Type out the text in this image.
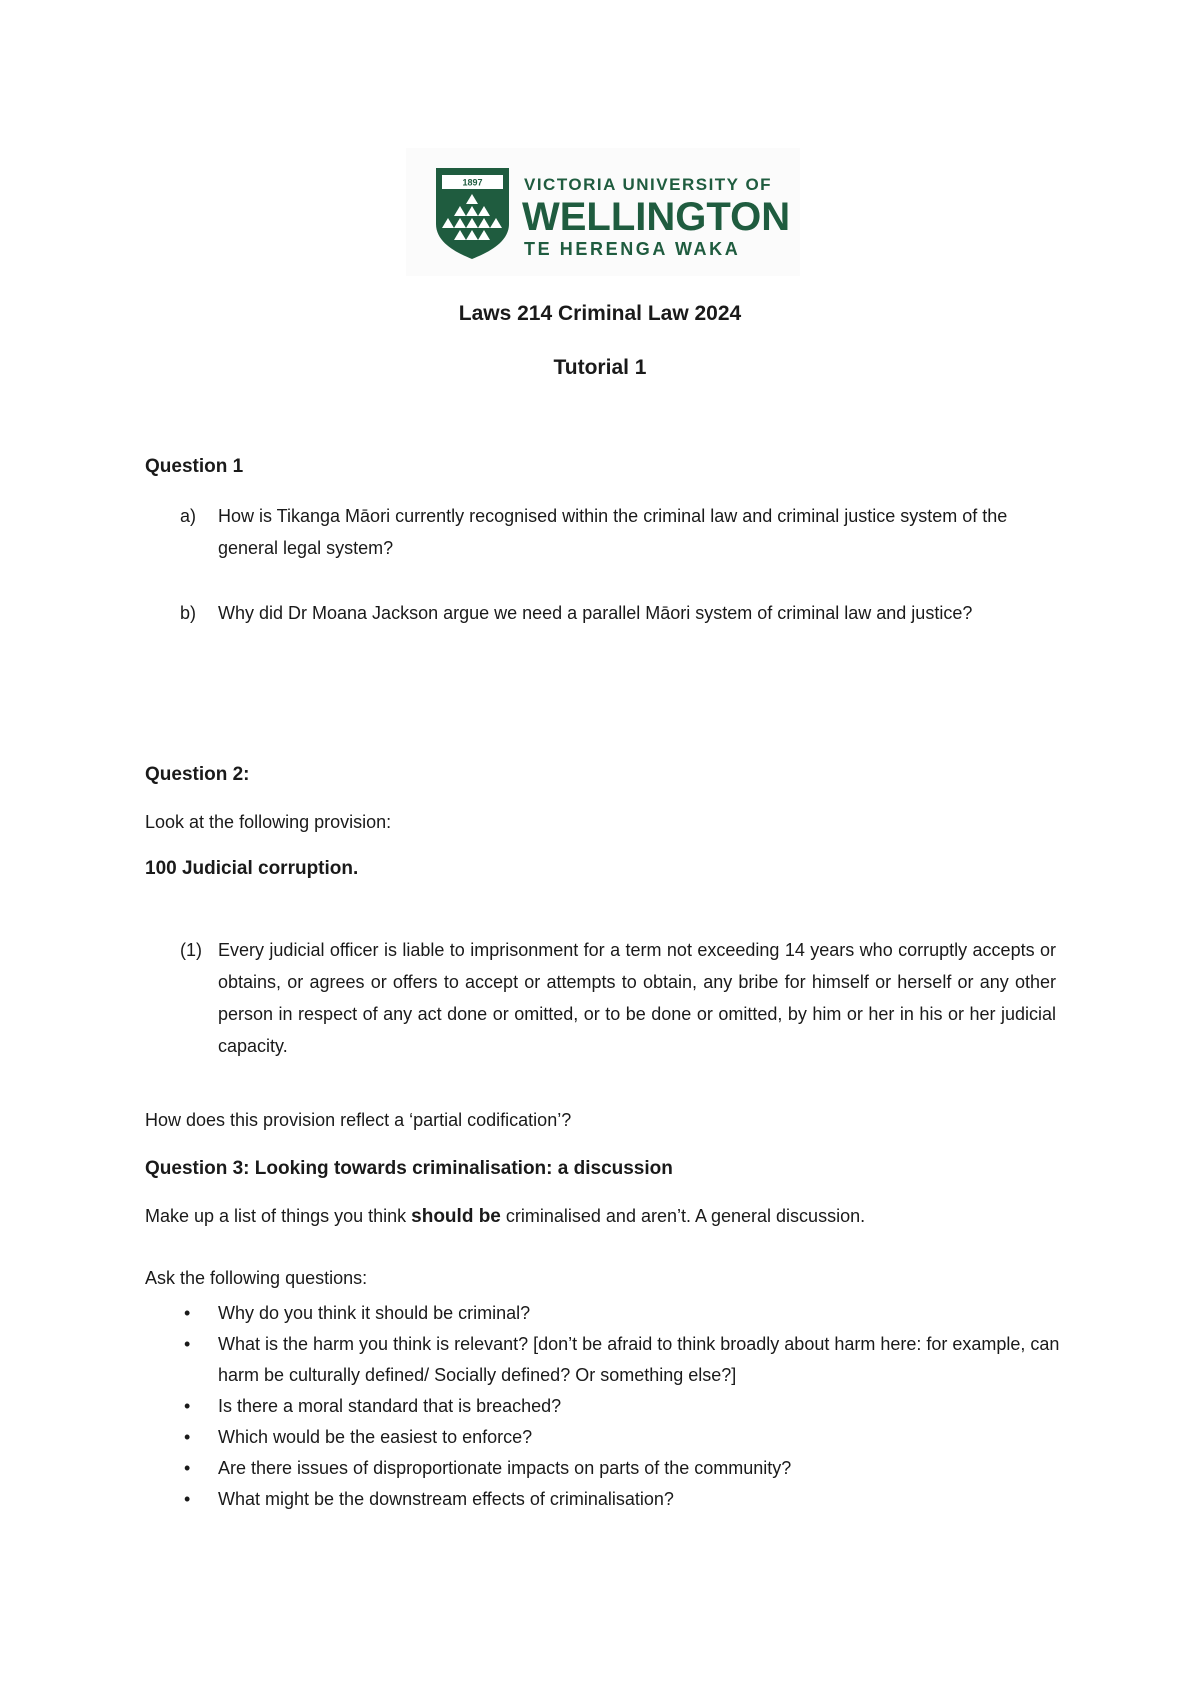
1897 VICTORIA UNIVERSITY OF
WELLINGTON
TE HERENGA WAKA
Laws 214 Criminal Law 2024
Tutorial 1
Question 1
a) How is Tikanga Māori currently recognised within the criminal law and criminal justice system of the general legal system?
b) Why did Dr Moana Jackson argue we need a parallel Māori system of criminal law and justice?
Question 2:
Look at the following provision:
100 Judicial corruption.
(1) Every judicial officer is liable to imprisonment for a term not exceeding 14 years who corruptly accepts or obtains, or agrees or offers to accept or attempts to obtain, any bribe for himself or herself or any other person in respect of any act done or omitted, or to be done or omitted, by him or her in his or her judicial capacity.
How does this provision reflect a ‘partial codification’?
Question 3: Looking towards criminalisation: a discussion
Make up a list of things you think should be criminalised and aren’t. A general discussion.
Ask the following questions:
• Why do you think it should be criminal?
• What is the harm you think is relevant? [don’t be afraid to think broadly about harm here: for example, can harm be culturally defined/ Socially defined? Or something else?]
• Is there a moral standard that is breached?
• Which would be the easiest to enforce?
• Are there issues of disproportionate impacts on parts of the community?
• What might be the downstream effects of criminalisation?
